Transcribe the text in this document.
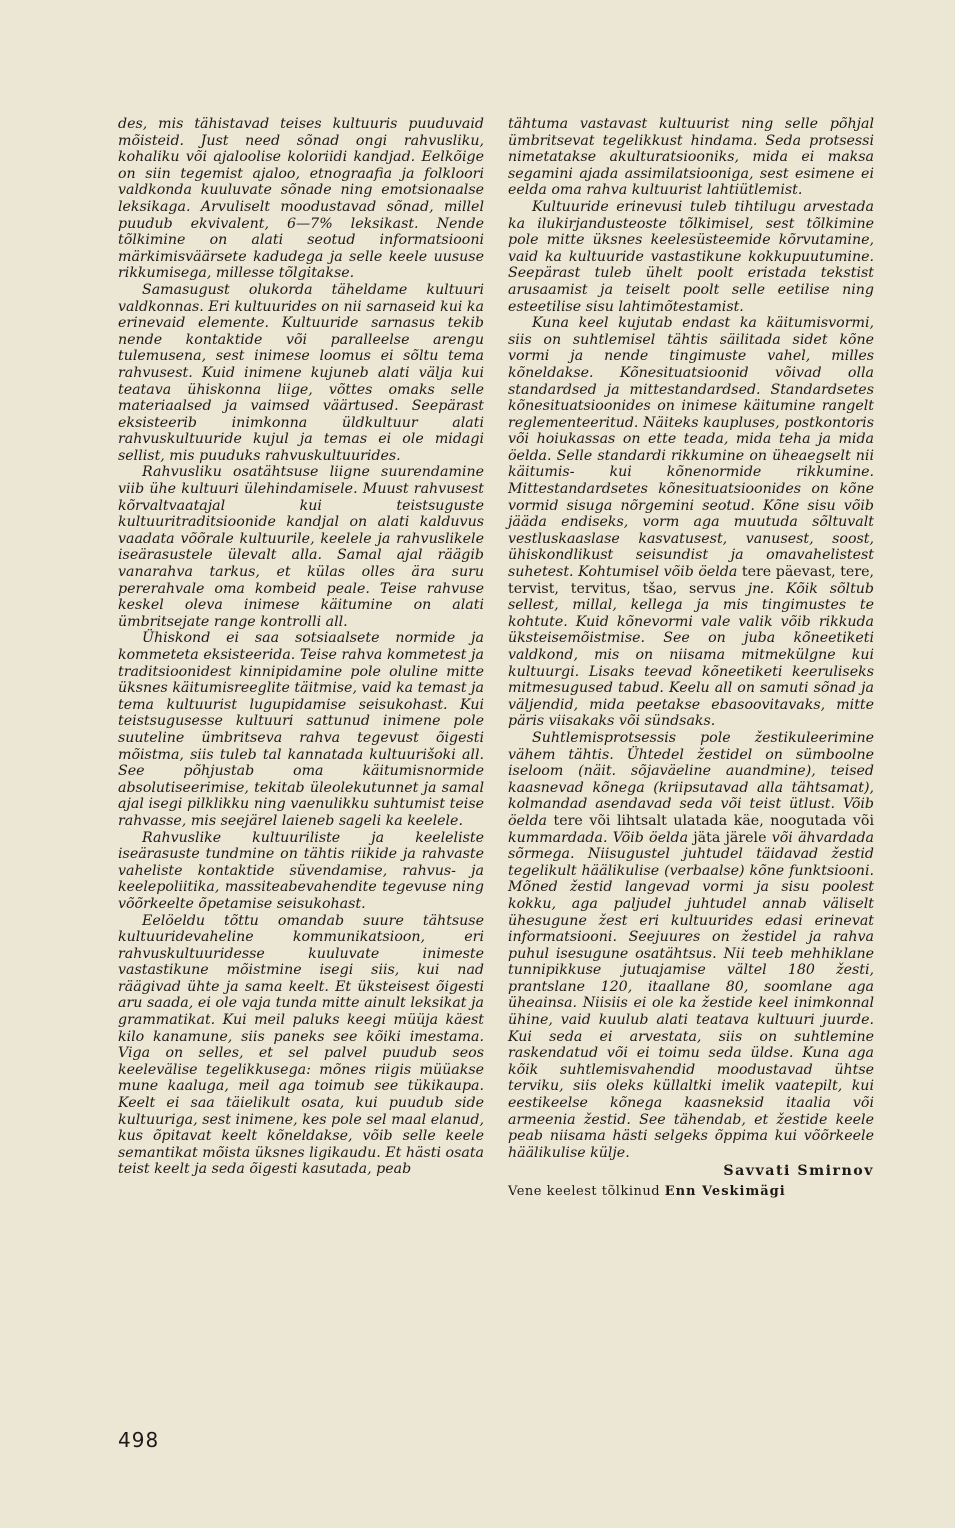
des, mis tähistavad teises kultuuris puuduvaid mõisteid. Just need sõnad ongi rahvusliku, kohaliku või ajaloolise koloriidi kandjad. Eelkõige on siin tegemist ajaloo, etnograafia ja folkloori valdkonda kuuluvate sõnade ning emotsionaalse leksikaga. Arvuliselt moodustavad sõnad, millel puudub ekvivalent, 6—7% leksikast. Nende tõlkimine on alati seotud informatsiooni märkimisväärsete kadudega ja selle keele uususe rikkumisega, millesse tõlgitakse.

Samasugust olukorda täheldame kultuuri valdkonnas. Eri kultuurides on nii sarnaseid kui ka erinevaid elemente. Kultuuride sarnasus tekib nende kontaktide või paralleelse arengu tulemusena, sest inimese loomus ei sõltu tema rahvusest. Kuid inimene kujuneb alati välja kui teatava ühiskonna liige, võttes omaks selle materiaalsed ja vaimsed väärtused. Seepärast eksisteerib inimkonna üldkultuur alati rahvuskultuuride kujul ja temas ei ole midagi sellist, mis puuduks rahvuskultuurides.

Rahvusliku osatähtsuse liigne suurendamine viib ühe kultuuri ülehindamisele. Muust rahvusest kõrvaltvaatajal kui teistsuguste kultuuritraditsioonide kandjal on alati kalduvus vaadata võõrale kultuurile, keelele ja rahvuslikele iseärasustele ülevalt alla. Samal ajal räägib vanarahva tarkus, et külas olles ära suru pererahvale oma kombeid peale. Teise rahvuse keskel oleva inimese käitumine on alati ümbritsejate range kontrolli all.

Ühiskond ei saa sotsiaalsete normide ja kommeteta eksisteerida. Teise rahva kommetest ja traditsioonidest kinnipidamine pole oluline mitte üksnes käitumisreeglite täitmise, vaid ka temast ja tema kultuurist lugupidamise seisukohast. Kui teistsugusesse kultuuri sattunud inimene pole suuteline ümbritseva rahva tegevust õigesti mõistma, siis tuleb tal kannatada kultuurišoki all. See põhjustab oma käitumisnormide absolutiseerimise, tekitab üleolekutunnet ja samal ajal isegi pilklikku ning vaenulikku suhtumist teise rahvasse, mis seejärel laieneb sageli ka keelele.

Rahvuslike kultuuriliste ja keeleliste iseärasuste tundmine on tähtis riikide ja rahvaste vaheliste kontaktide süvendamise, rahvus- ja keelepoliitika, massiteabevahendite tegevuse ning võõrkeelte õpetamise seisukohast.

Eelöeldu tõttu omandab suure tähtsuse kultuuridevaheline kommunikatsioon, eri rahvuskultuuridesse kuuluvate inimeste vastastikune mõistmine isegi siis, kui nad räägivad ühte ja sama keelt. Et üksteisest õigesti aru saada, ei ole vaja tunda mitte ainult leksikat ja grammatikat. Kui meil paluks keegi müüja käest kilo kanamune, siis paneks see kõiki imestama. Viga on selles, et sel palvel puudub seos keelevälise tegelikkusega: mõnes riigis müüakse mune kaaluga, meil aga toimub see tükikaupa. Keelt ei saa täielikult osata, kui puudub side kultuuriga, sest inimene, kes pole sel maal elanud, kus õpitavat keelt kõneldakse, võib selle keele semantikat mõista üksnes ligikaudu. Et hästi osata teist keelt ja seda õigesti kasutada, peab

tähtuma vastavast kultuurist ning selle põhjal ümbritsevat tegelikkust hindama. Seda protsessi nimetatakse akulturatsiooniks, mida ei maksa segamini ajada assimilatsiooniga, sest esimene ei eelda oma rahva kultuurist lahtiütlemist.

Kultuuride erinevusi tuleb tihtilugu arvestada ka ilukirjandusteoste tõlkimisel, sest tõlkimine pole mitte üksnes keelesüsteemide kõrvutamine, vaid ka kultuuride vastastikune kokkupuutumine. Seepärast tuleb ühelt poolt eristada tekstist arusaamist ja teiselt poolt selle eetilise ning esteetilise sisu lahtimõtestamist.

Kuna keel kujutab endast ka käitumisvormi, siis on suhtlemisel tähtis säilitada sidet kõne vormi ja nende tingimuste vahel, milles kõneldakse. Kõnesituatsioonid võivad olla standardsed ja mittestandardsed. Standardsetes kõnesituatsioonides on inimese käitumine rangelt reglementeeritud. Näiteks kaupluses, postkontoris või hoiukassas on ette teada, mida teha ja mida öelda. Selle standardi rikkumine on üheaegselt nii käitumis- kui kõnenormide rikkumine. Mittestandardsetes kõnesituatsioonides on kõne vormid sisuga nõrgemini seotud. Kõne sisu võib jääda endiseks, vorm aga muutuda sõltuvalt vestluskaaslase kasvatusest, vanusest, soost, ühiskondlikust seisundist ja omavahelistest suhetest. Kohtumisel võib öelda tere päevast, tere, tervist, tervitus, tšao, servus jne. Kõik sõltub sellest, millal, kellega ja mis tingimustes te kohtute. Kuid kõnevormi vale valik võib rikkuda üksteisemõistmise. See on juba kõneetiketi valdkond, mis on niisama mitmekülgne kui kultuurgi. Lisaks teevad kõneetiketi keeruliseks mitmesugused tabud. Keelu all on samuti sõnad ja väljendid, mida peetakse ebasoovitavaks, mitte päris viisakaks või sündsaks.

Suhtlemisprotsessis pole žestikuleerimine vähem tähtis. Ühtedel žestidel on sümboolne iseloom (näit. sõjaväeline auandmine), teised kaasnevad kõnega (kriipsutavad alla tähtsamat), kolmandad asendavad seda või teist ütlust. Võib öelda tere või lihtsalt ulatada käe, noogutada või kummardada. Võib öelda jäta järele või ähvardada sõrmega. Niisugustel juhtudel täidavad žestid tegelikult häälikulise (verbaalse) kõne funktsiooni. Mõned žestid langevad vormi ja sisu poolest kokku, aga paljudel juhtudel annab väliselt ühesugune žest eri kultuurides edasi erinevat informatsiooni. Seejuures on žestidel ja rahva puhul isesugune osatähtsus. Nii teeb mehhiklane tunnipikkuse jutuajamise vältel 180 žesti, prantslane 120, itaallane 80, soomlane aga üheainsa. Niisiis ei ole ka žestide keel inimkonnal ühine, vaid kuulub alati teatava kultuuri juurde. Kui seda ei arvestata, siis on suhtlemine raskendatud või ei toimu seda üldse. Kuna aga kõik suhtlemisvahendid moodustavad ühtse terviku, siis oleks küllaltki imelik vaatepilt, kui eestikeelse kõnega kaasneksid itaalia või armeenia žestid. See tähendab, et žestide keele peab niisama hästi selgeks õppima kui võõrkeele häälikulise külje.

Savvati Smirnov
Vene keelest tõlkinud Enn Veskimägi
498
